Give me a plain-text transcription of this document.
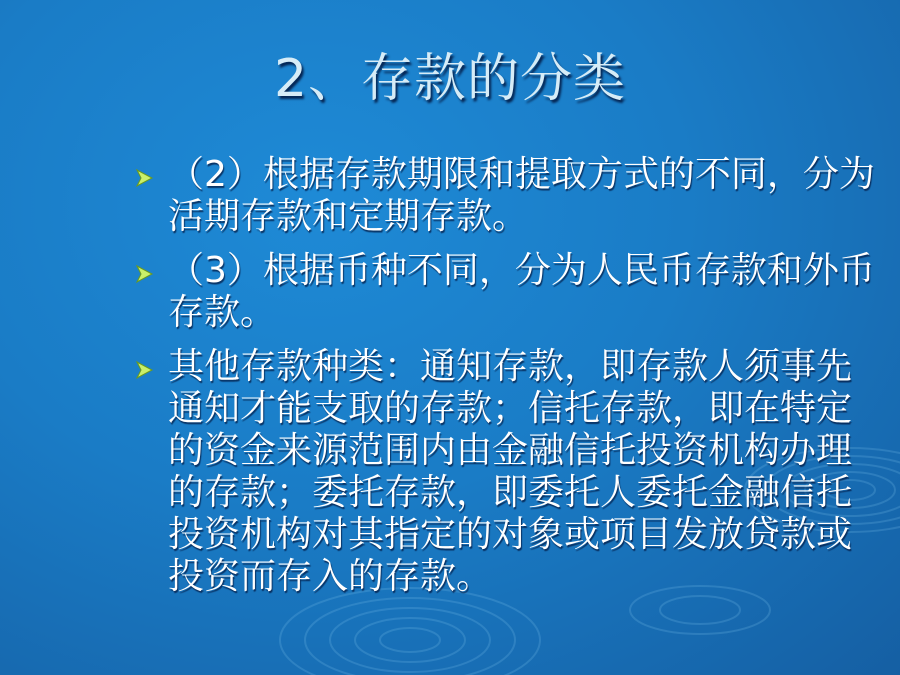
2、存款的分类
（2）根据存款期限和提取方式的不同，分为活期存款和定期存款。
（3）根据币种不同，分为人民币存款和外币存款。
其他存款种类：通知存款，即存款人须事先通知才能支取的存款；信托存款，即在特定的资金来源范围内由金融信托投资机构办理的存款；委托存款，即委托人委托金融信托投资机构对其指定的对象或项目发放贷款或投资而存入的存款。
